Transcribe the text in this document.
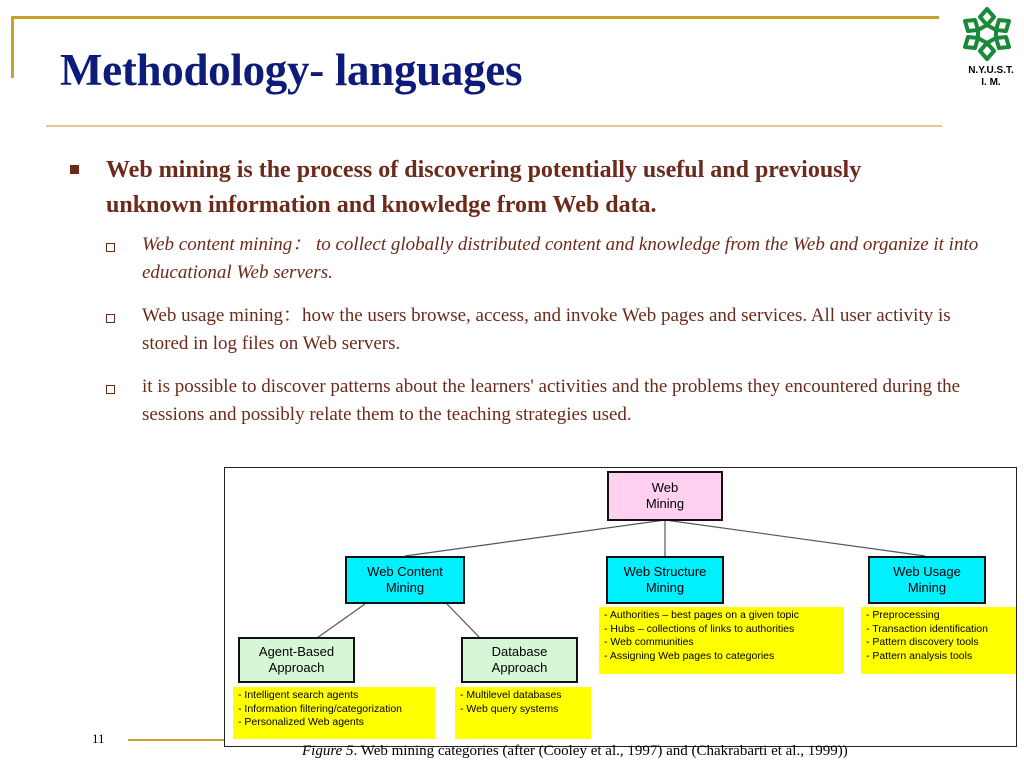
N.Y.U.S.T.
I. M.
Methodology- languages

Web mining is the process of discovering potentially useful and previously unknown information and knowledge from Web data.

Web content mining： to collect globally distributed content and knowledge from the Web and organize it into educational Web servers.

Web usage mining：how the users browse, access, and invoke Web pages and services. All user activity is stored in log files on Web servers.

it is possible to discover patterns about the learners' activities and the problems they encountered during the sessions and possibly relate them to the teaching strategies used.

Web
Mining
Web Content
Mining
Web Structure
Mining
Web Usage
Mining
- Authorities – best pages on a given topic
- Hubs – collections of links to authorities
- Web communities
- Assigning Web pages to categories
- Preprocessing
- Transaction identification
- Pattern discovery tools
- Pattern analysis tools
Agent-Based
Approach
Database
Approach
- Intelligent search agents
- Information filtering/categorization
- Personalized Web agents
- Multilevel databases
- Web query systems

Figure 5. Web mining categories (after (Cooley et al., 1997) and (Chakrabarti et al., 1999))

11
